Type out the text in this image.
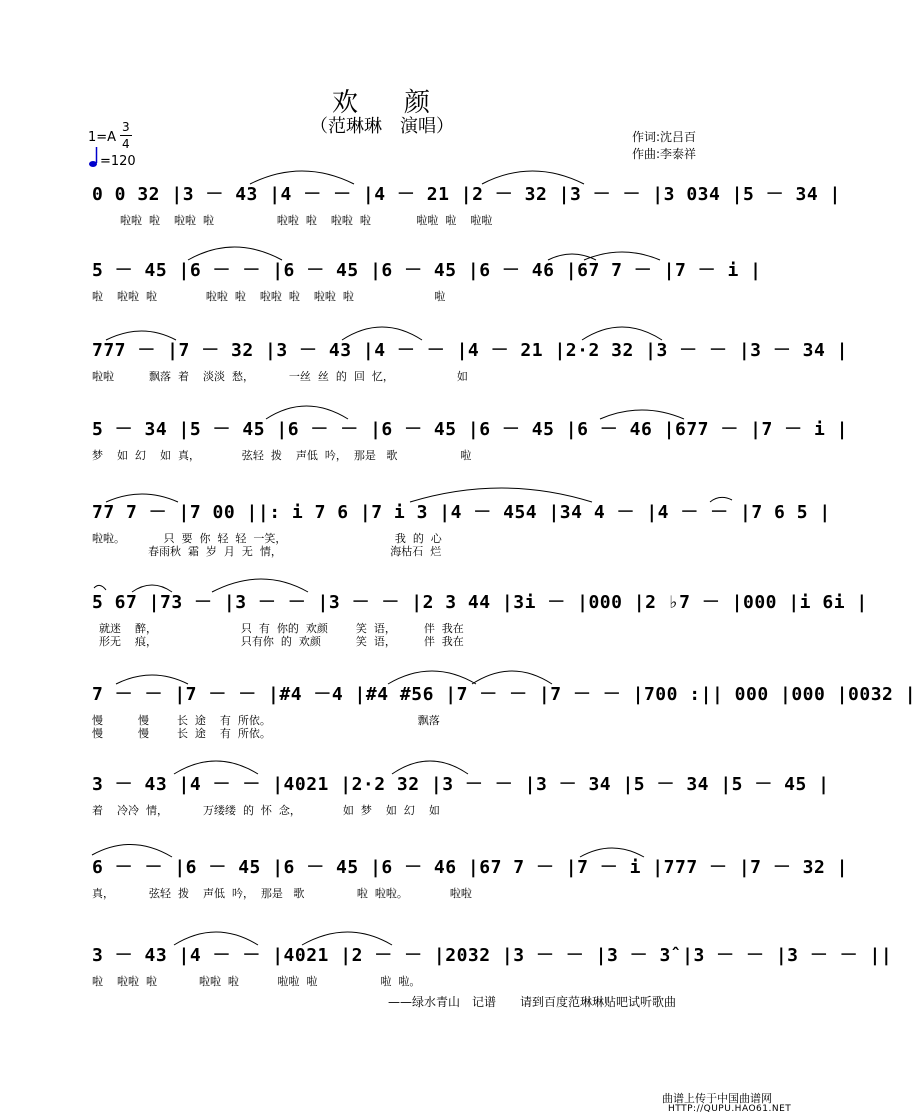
欢颜
（范琳琳　演唱）
1=A
3
4
=120
作词:沈吕百
作曲:李泰祥
0 0 32 |3 － 43 |4 － － |4 － 21 |2 － 32 |3 － － |3 034 |5 － 34 |
啦啦  啦    啦啦  啦                  啦啦  啦    啦啦  啦             啦啦  啦    啦啦
5 － 45 |6 － － |6 － 45 |6 － 45 |6 － 46 |67 7 － |7 － i |
啦    啦啦  啦              啦啦  啦    啦啦  啦    啦啦  啦                       啦
777 － |7 － 32 |3 － 43 |4 － － |4 － 21 |2·2 32 |3 － － |3 － 34 |
啦啦          飘落  着    淡淡  愁，          一丝  丝  的  回  忆，                  如
5 － 34 |5 － 45 |6 － － |6 － 45 |6 － 45 |6 － 46 |677 － |7 － i |
梦    如  幻    如  真，            弦轻  拨    声低  吟，  那是   歌                  啦
77 7 － |7 00 ||: i 7 6 |7 i 3 |4 － 454 |34 4 － |4 － － |7 6 5 |
啦啦。           只  要  你  轻  轻  一笑，                               我  的  心
春雨秋  霜  岁  月  无  情，                               海枯石  烂
5 67 |73 － |3 － － |3 － － |2 3 44 |3i － |000 |2 ♭7 － |000 |i 6i |
就迷    醉，                        只  有  你的  欢颜        笑  语，        伴  我在
形无    痕，                        只有你  的  欢颜          笑  语，        伴  我在
7 － － |7 － － |#4 －4 |#4 #56 |7 － － |7 － － |700 :|| 000 |000 |0032 |
慢          慢        长  途    有  所依。                                          飘落
慢          慢        长  途    有  所依。
3 － 43 |4 － － |4021 |2·2 32 |3 － － |3 － 34 |5 － 34 |5 － 45 |
着    冷冷  情，          万缕缕  的  怀  念，            如  梦    如  幻    如
6 － － |6 － 45 |6 － 45 |6 － 46 |67 7 － |7 － i |777 － |7 － 32 |
真，          弦轻  拨    声低  吟，  那是   歌               啦  啦啦。            啦啦
3 － 43 |4 － － |4021 |2 － － |2032 |3 － － |3 － 3̂ |3 － － |3 － － ||
啦    啦啦  啦            啦啦  啦           啦啦  啦                  啦  啦。
——绿水青山　记谱　　请到百度范琳琳贴吧试听歌曲
曲谱上传于中国曲谱网
HTTP://QUPU.HAO61.NET
